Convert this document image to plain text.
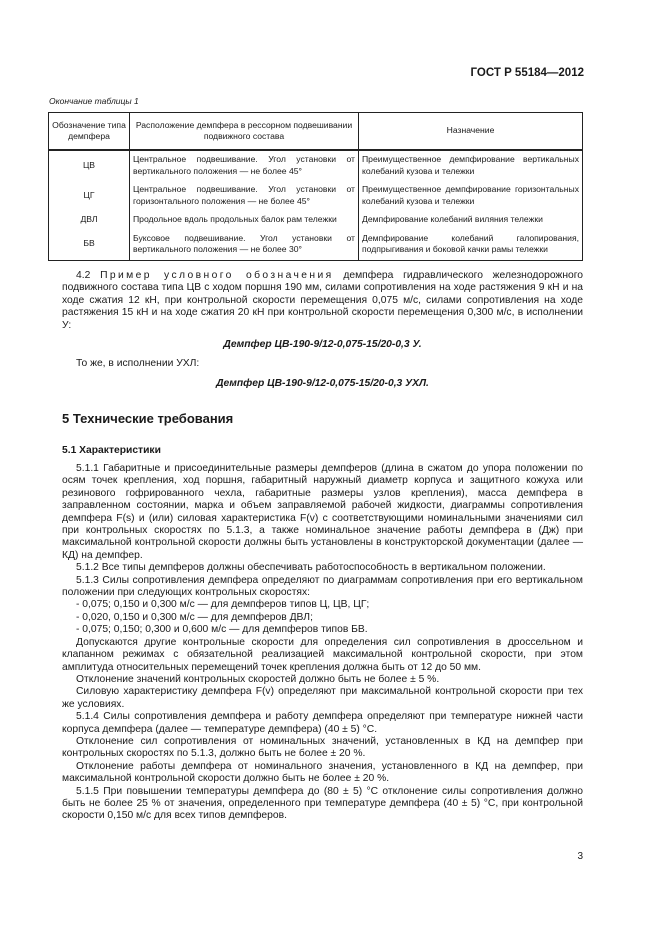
ГОСТ Р 55184—2012
Окончание таблицы 1
Обозначение типа демпфера	Расположение демпфера в рессорном подвешивании подвижного состава	Назначение
ЦВ	Центральное подвешивание. Угол установки от вертикального положения — не более 45°	Преимущественное демпфирование вертикальных колебаний кузова и тележки
ЦГ	Центральное подвешивание. Угол установки от горизонтального положения — не более 45°	Преимущественное демпфирование горизонтальных колебаний кузова и тележки
ДВЛ	Продольное вдоль продольных балок рам тележки	Демпфирование колебаний виляния тележки
БВ	Буксовое подвешивание. Угол установки от вертикального положения — не более 30°	Демпфирование колебаний галопирования, подпрыгивания и боковой качки рамы тележки

4.2 Пример условного обозначения демпфера гидравлического железнодорожного подвижного состава типа ЦВ с ходом поршня 190 мм, силами сопротивления на ходе растяжения 9 кН и на ходе сжатия 12 кН, при контрольной скорости перемещения 0,075 м/с, силами сопротивления на ходе растяжения 15 кН и на ходе сжатия 20 кН при контрольной скорости перемещения 0,300 м/с, в исполнении У:

Демпфер ЦВ-190-9/12-0,075-15/20-0,3 У.

То же, в исполнении УХЛ:

Демпфер ЦВ-190-9/12-0,075-15/20-0,3 УХЛ.

5 Технические требования
5.1 Характеристики

5.1.1 Габаритные и присоединительные размеры демпферов (длина в сжатом до упора положении по осям точек крепления, ход поршня, габаритный наружный диаметр корпуса и защитного кожуха или резинового гофрированного чехла, габаритные размеры узлов крепления), масса демпфера в заправленном состоянии, марка и объем заправляемой рабочей жидкости, диаграммы сопротивления демпфера F(s) и (или) силовая характеристика F(v) с соответствующими номинальными значениями сил при контрольных скоростях по 5.1.3, а также номинальное значение работы демпфера в (Дж) при максимальной контрольной скорости должны быть установлены в конструкторской документации (далее — КД) на демпфер.

5.1.2 Все типы демпферов должны обеспечивать работоспособность в вертикальном положении.

5.1.3 Силы сопротивления демпфера определяют по диаграммам сопротивления при его вертикальном положении при следующих контрольных скоростях:

- 0,075; 0,150 и 0,300 м/с — для демпферов типов Ц, ЦВ, ЦГ;

- 0,020, 0,150 и 0,300 м/с — для демпферов ДВЛ;

- 0,075; 0,150; 0,300 и 0,600 м/с — для демпферов типов БВ.

Допускаются другие контрольные скорости для определения сил сопротивления в дроссельном и клапанном режимах с обязательной реализацией максимальной контрольной скорости, при этом амплитуда относительных перемещений точек крепления должна быть от 12 до 50 мм.

Отклонение значений контрольных скоростей должно быть не более ± 5 %.

Силовую характеристику демпфера F(v) определяют при максимальной контрольной скорости при тех же условиях.

5.1.4 Силы сопротивления демпфера и работу демпфера определяют при температуре нижней части корпуса демпфера (далее — температуре демпфера) (40 ± 5) °С.

Отклонение сил сопротивления от номинальных значений, установленных в КД на демпфер при контрольных скоростях по 5.1.3, должно быть не более ± 20 %.

Отклонение работы демпфера от номинального значения, установленного в КД на демпфер, при максимальной контрольной скорости должно быть не более ± 20 %.

5.1.5 При повышении температуры демпфера до (80 ± 5) °С отклонение силы сопротивления должно быть не более 25 % от значения, определенного при температуре демпфера (40 ± 5) °С, при контрольной скорости 0,150 м/с для всех типов демпферов.

3
